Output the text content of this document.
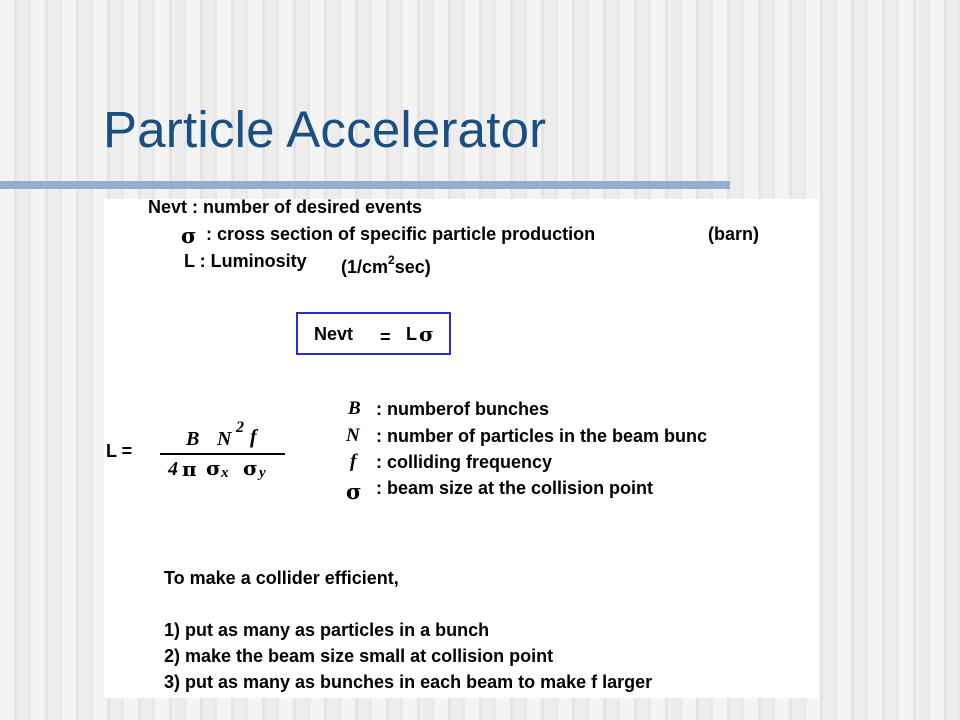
Particle Accelerator
Nevt : number of desired events
σ : cross section of specific particle production	(barn)
L : Luminosity $(1/cm^2\sec)$
Nevt = L σ
L =
B N
2 f
4 π σ x σ y
B : numberof bunches
N : number of particles in the beam bunc
f : colliding frequency
σ : beam size at the collision point
To make a collider efficient,
1) put as many as particles in a bunch
2) make the beam size small at collision point
3) put as many as bunches in each beam to make f larger
